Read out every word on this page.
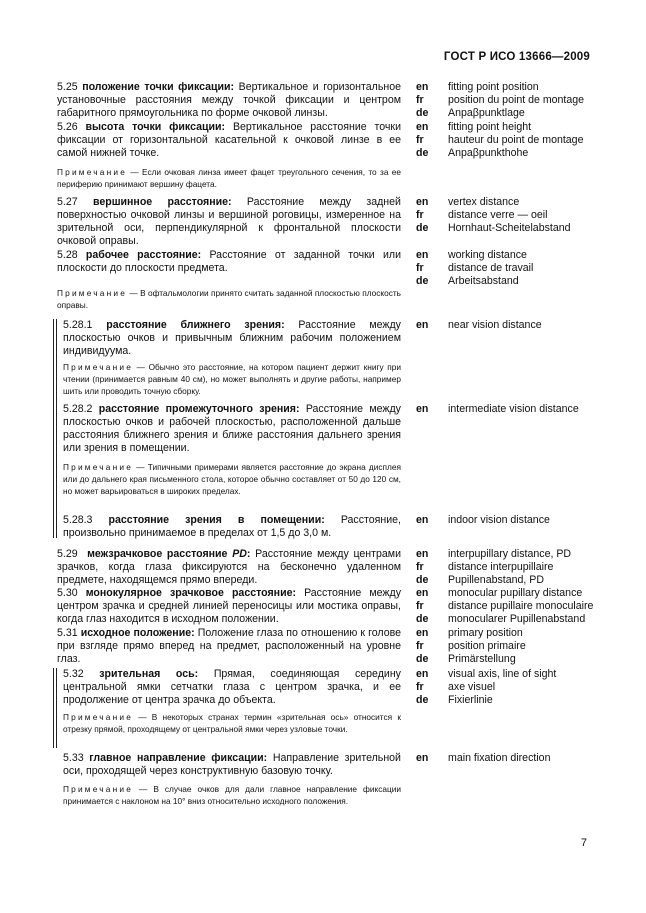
ГОСТ Р ИСО 13666—2009

5.25 положение точки фиксации: Вертикальное и горизонтальное установочные расстояния между точкой фиксации и центром габаритного прямоугольника по форме очковой линзы.

en fitting point position
fr position du point de montage
de Anpaβpunktlage

5.26 высота точки фиксации: Вертикальное расстояние точки фиксации от горизонтальной касательной к очковой линзе в ее самой нижней точке.

en fitting point height
fr hauteur du point de montage
de Anpaβpunkthohe

Примечание — Если очковая линза имеет фацет треугольного сечения, то за ее периферию принимают вершину фацета.

5.27 вершинное расстояние: Расстояние между задней поверхностью очковой линзы и вершиной роговицы, измеренное на зрительной оси, перпендикулярной к фронтальной плоскости очковой оправы.

en vertex distance
fr distance verre — oeil
de Hornhaut-Scheitelabstand

5.28 рабочее расстояние: Расстояние от заданной точки или плоскости до плоскости предмета.

en working distance
fr distance de travail
de Arbeitsabstand

Примечание — В офтальмологии принято считать заданной плоскостью плоскость оправы.

5.28.1 расстояние ближнего зрения: Расстояние между плоскостью очков и привычным ближним рабочим положением индивидуума.

en near vision distance

Примечание — Обычно это расстояние, на котором пациент держит книгу при чтении (принимается равным 40 см), но может выполнять и другие работы, например шить или проводить точную сборку.

5.28.2 расстояние промежуточного зрения: Расстояние между плоскостью очков и рабочей плоскостью, расположенной дальше расстояния ближнего зрения и ближе расстояния дальнего зрения или зрения в помещении.

en intermediate vision distance

Примечание — Типичными примерами является расстояние до экрана дисплея или до дальнего края письменного стола, которое обычно составляет от 50 до 120 см, но может варьироваться в широких пределах.

5.28.3 расстояние зрения в помещении: Расстояние, произвольно принимаемое в пределах от 1,5 до 3,0 м.

en indoor vision distance

5.29 межзрачковое расстояние PD: Расстояние между центрами зрачков, когда глаза фиксируются на бесконечно удаленном предмете, находящемся прямо впереди.

en interpupillary distance, PD
fr distance interpupillaire
de Pupillenabstand, PD

5.30 монокулярное зрачковое расстояние: Расстояние между центром зрачка и средней линией переносицы или мостика оправы, когда глаз находится в исходном положении.

en monocular pupillary distance
fr distance pupillaire monoculaire
de monocularer Pupillenabstand

5.31 исходное положение: Положение глаза по отношению к голове при взгляде прямо вперед на предмет, расположенный на уровне глаз.

en primary position
fr position primaire
de Primärstellung

5.32 зрительная ось: Прямая, соединяющая середину центральной ямки сетчатки глаза с центром зрачка, и ее продолжение от центра зрачка до объекта.

en visual axis, line of sight
fr axe visuel
de Fixierlinie

Примечание — В некоторых странах термин «зрительная ось» относится к отрезку прямой, проходящему от центральной ямки через узловые точки.

5.33 главное направление фиксации: Направление зрительной оси, проходящей через конструктивную базовую точку.

en main fixation direction

Примечание — В случае очков для дали главное направление фиксации принимается с наклоном на 10° вниз относительно исходного положения.

7
